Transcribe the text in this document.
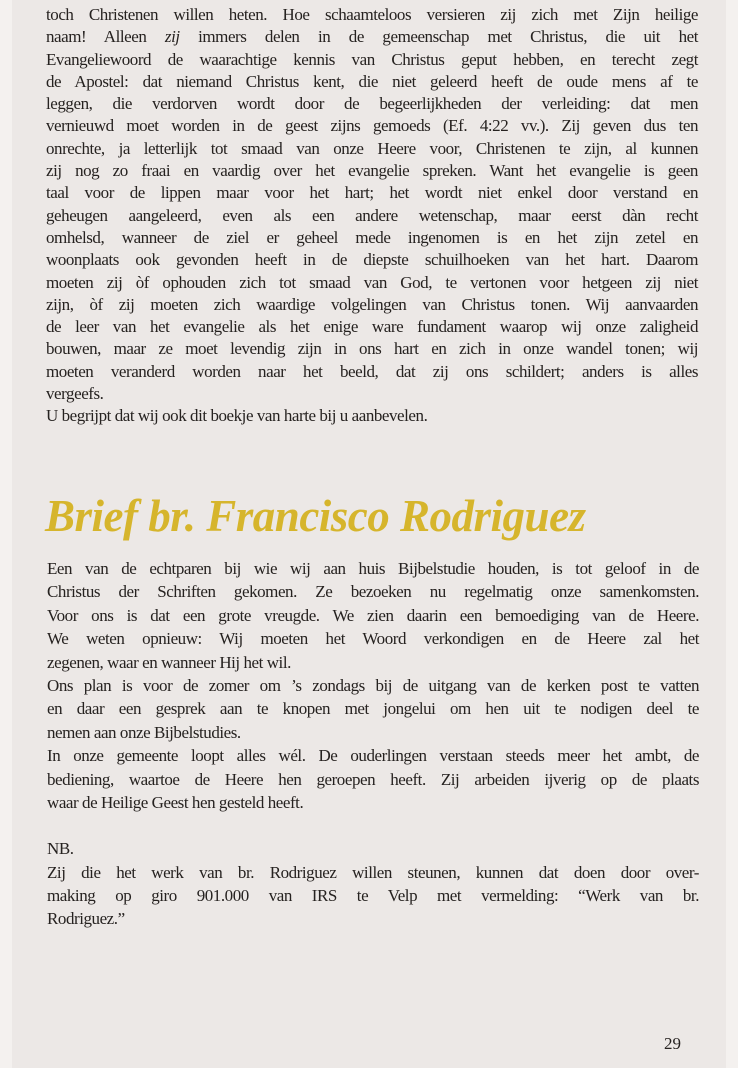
toch Christenen willen heten. Hoe schaamteloos versieren zij zich met Zijn heilige
naam! Alleen zij immers delen in de gemeenschap met Christus, die uit het
Evangeliewoord de waarachtige kennis van Christus geput hebben, en terecht zegt
de Apostel: dat niemand Christus kent, die niet geleerd heeft de oude mens af te
leggen, die verdorven wordt door de begeerlijkheden der verleiding: dat men
vernieuwd moet worden in de geest zijns gemoeds (Ef. 4:22 vv.). Zij geven dus ten
onrechte, ja letterlijk tot smaad van onze Heere voor, Christenen te zijn, al kunnen
zij nog zo fraai en vaardig over het evangelie spreken. Want het evangelie is geen
taal voor de lippen maar voor het hart; het wordt niet enkel door verstand en
geheugen aangeleerd, even als een andere wetenschap, maar eerst dàn recht
omhelsd, wanneer de ziel er geheel mede ingenomen is en het zijn zetel en
woonplaats ook gevonden heeft in de diepste schuilhoeken van het hart. Daarom
moeten zij òf ophouden zich tot smaad van God, te vertonen voor hetgeen zij niet
zijn, òf zij moeten zich waardige volgelingen van Christus tonen. Wij aanvaarden
de leer van het evangelie als het enige ware fundament waarop wij onze zaligheid
bouwen, maar ze moet levendig zijn in ons hart en zich in onze wandel tonen; wij
moeten veranderd worden naar het beeld, dat zij ons schildert; anders is alles
vergeefs.
U begrijpt dat wij ook dit boekje van harte bij u aanbevelen.
Brief br. Francisco Rodriguez
Een van de echtparen bij wie wij aan huis Bijbelstudie houden, is tot geloof in de
Christus der Schriften gekomen. Ze bezoeken nu regelmatig onze samenkomsten.
Voor ons is dat een grote vreugde. We zien daarin een bemoediging van de Heere.
We weten opnieuw: Wij moeten het Woord verkondigen en de Heere zal het
zegenen, waar en wanneer Hij het wil.
Ons plan is voor de zomer om ’s zondags bij de uitgang van de kerken post te vatten
en daar een gesprek aan te knopen met jongelui om hen uit te nodigen deel te
nemen aan onze Bijbelstudies.
In onze gemeente loopt alles wél. De ouderlingen verstaan steeds meer het ambt, de
bediening, waartoe de Heere hen geroepen heeft. Zij arbeiden ijverig op de plaats
waar de Heilige Geest hen gesteld heeft.
NB.
Zij die het werk van br. Rodriguez willen steunen, kunnen dat doen door over-
making op giro 901.000 van IRS te Velp met vermelding: “Werk van br.
Rodriguez.”
29
